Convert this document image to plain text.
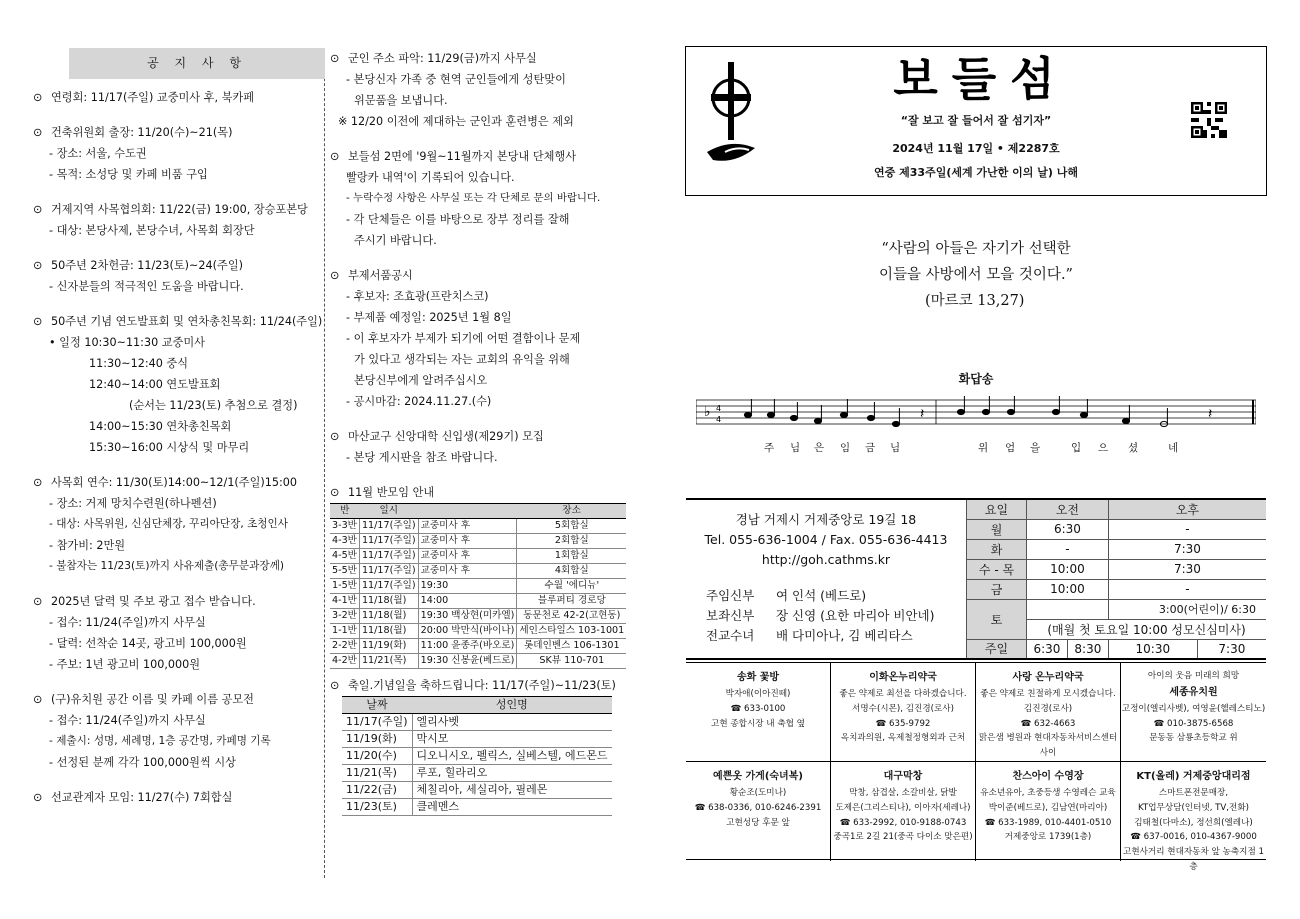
공 지 사 항
⊙ 연령회: 11/17(주일) 교중미사 후, 북카페
⊙ 건축위원회 출장: 11/20(수)~21(목)
- 장소: 서울, 수도권
- 목적: 소성당 및 카페 비품 구입
⊙ 거제지역 사목협의회: 11/22(금) 19:00, 장승포본당
- 대상: 본당사제, 본당수녀, 사목회 회장단
⊙ 50주년 2차헌금: 11/23(토)~24(주일)
- 신자분들의 적극적인 도움을 바랍니다.
⊙ 50주년 기념 연도발표회 및 연차총친목회: 11/24(주일)
• 일정 10:30~11:30 교중미사
11:30~12:40 중식
12:40~14:00 연도발표회
(순서는 11/23(토) 추첨으로 결정)
14:00~15:30 연차총친목회
15:30~16:00 시상식 및 마무리
⊙ 사목회 연수: 11/30(토)14:00~12/1(주일)15:00
- 장소: 거제 망치수련원(하나펜션)
- 대상: 사목위원, 신심단체장, 꾸리아단장, 초청인사
- 참가비: 2만원
- 불참자는 11/23(토)까지 사유제출(총무분과장께)
⊙ 2025년 달력 및 주보 광고 접수 받습니다.
- 접수: 11/24(주일)까지 사무실
- 달력: 선착순 14곳, 광고비 100,000원
- 주보: 1년 광고비 100,000원
⊙ (구)유치원 공간 이름 및 카페 이름 공모전
- 접수: 11/24(주일)까지 사무실
- 제출시: 성명, 세례명, 1층 공간명, 카페명 기록
- 선정된 분께 각각 100,000원씩 시상
⊙ 선교관계자 모임: 11/27(수) 7회합실
⊙ 군인 주소 파악: 11/29(금)까지 사무실
- 본당신자 가족 중 현역 군인들에게 성탄맞이
위문품을 보냅니다.
※ 12/20 이전에 제대하는 군인과 훈련병은 제외
⊙ 보들섬 2면에 '9월~11월까지 본당내 단체행사
빨랑카 내역'이 기록되어 있습니다.
- 누락수정 사항은 사무실 또는 각 단체로 문의 바랍니다.
- 각 단체들은 이를 바탕으로 장부 정리를 잘해
주시기 바랍니다.
⊙ 부제서품공시
- 후보자: 조효광(프란치스코)
- 부제품 예정일: 2025년 1월 8일
- 이 후보자가 부제가 되기에 어떤 결함이나 문제
가 있다고 생각되는 자는 교회의 유익을 위해
본당신부에게 알려주십시오
- 공시마감: 2024.11.27.(수)
⊙ 마산교구 신앙대학 신입생(제29기) 모집
- 본당 게시판을 참조 바랍니다.
⊙ 11월 반모임 안내
반	일시		장소
3-3반	11/17(주일)	교중미사 후	5회합실
4-3반	11/17(주일)	교중미사 후	2회합실
4-5반	11/17(주일)	교중미사 후	1회합실
5-5반	11/17(주일)	교중미사 후	4회합실
1-5반	11/17(주일)	19:30	수월 '에디뉴'
4-1반	11/18(월)	14:00	블루퍼티 경로당
3-2반	11/18(월)	19:30 백상현(미카엘)	동문천로 42-2(고현동)
1-1반	11/18(월)	20:00 박만식(바이나)	세인스타일스 103-1001
2-2반	11/19(화)	11:00 윤종주(바오로)	롯데인벤스 106-1301
4-2반	11/21(목)	19:30 신봉윤(베드로)	SK뷰 110-701
⊙ 축일.기념일을 축하드립니다: 11/17(주일)~11/23(토)
날짜	성인명
11/17(주일)	엘리사벳
11/19(화)	막시모
11/20(수)	디오니시오, 펠릭스, 실베스텔, 에드몬드
11/21(목)	루포, 힐라리오
11/22(금)	체칠리아, 세실리아, 필레몬
11/23(토)	클레멘스
보들섬
“잘 보고 잘 들어서 잘 섬기자”
2024년 11월 17일 • 제2287호
연중 제33주일(세계 가난한 이의 날) 나해
“사람의 아들은 자기가 선택한
이들을 사방에서 모을 것이다.”
(마르코 13,27)
화답송
♭ 4
4	𝄽	𝄽
주 님 은 임 금 님	위 엄 을	입 으 셨	네
경남 거제시 거제중앙로 19길 18
Tel. 055-636-1004 / Fax. 055-636-4413
http://goh.cathms.kr
주임신부 여 인석 (베드로)
보좌신부 장 신영 (요한 마리아 비안네)
전교수녀 배 다미아나, 김 베리타스
요일	오전		오후	
월	6:30		-	
화	-		7:30	
수 - 목	10:00		7:30	
금	10:00		-	
토			3:00(어린이)/ 6:30	
	(매월 첫 토요일 10:00 성모신심미사)			
주일	6:30	8:30	10:30	7:30
송화 꽃방
박자애(이아진떼)
☎ 633-0100
고현 종합시장 내 축협 옆
이화온누리약국
좋은 약제로 최선을 다하겠습니다.
서명수(시몬), 김진경(로사)
☎ 635-9792
옥치과의원, 옥제철정형외과 근처
사랑 온누리약국
좋은 약제로 친절하게 모시겠습니다.
김진경(로사)
☎ 632-4663
맑은샘 병원과 현대자동차서비스센터 사이
아이의 웃음 미래의 희망
세종유치원
고정이(엘리사벳), 여영윤(헬레스티노)
☎ 010-3875-6568
문동동 삼룡초등학교 위
예쁜옷 가게(숙녀복)
황순조(도미나)
☎ 638-0336, 010-6246-2391
고현성당 후문 앞
대구막창
막창, 삼겹살, 소갈비살, 닭발
도제은(그리스티나), 이아자(세레나)
☎ 633-2992, 010-9188-0743
중곡1로 2길 21(중곡 다이소 맞은편)
찬스아이 수영장
유소년유아, 초중등생 수영레슨 교육
박이준(베드로), 김남연(마리아)
☎ 633-1989, 010-4401-0510
거제중앙로 1739(1층)
KT(올레) 거제중앙대리점
스마트폰전문매장,
KT업무상담(인터넷, TV,전화)
김태철(다마소), 정선희(엘레나)
☎ 637-0016, 010-4367-9000
고현사거리 현대자동차 앞 농축지점 1층
